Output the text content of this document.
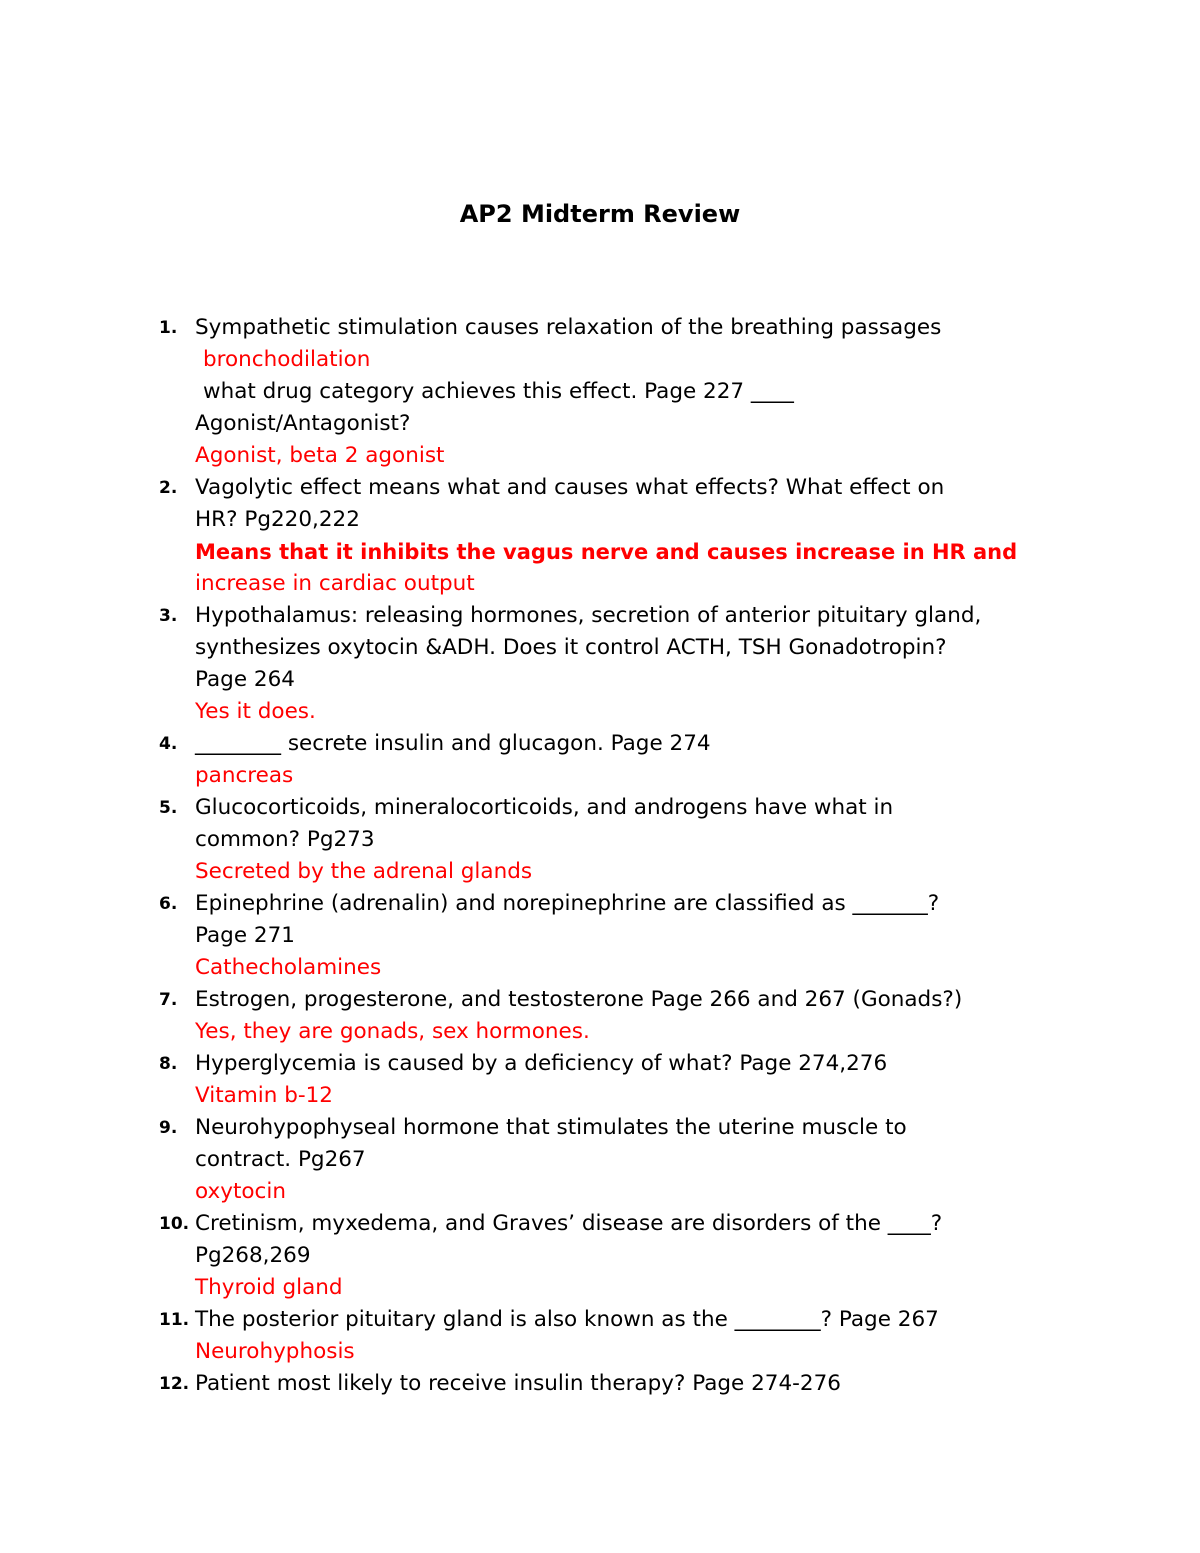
AP2 Midterm Review
1. Sympathetic stimulation causes relaxation of the breathing passages
bronchodilation
what drug category achieves this effect. Page 227 ____
Agonist/Antagonist?
Agonist, beta 2 agonist
2. Vagolytic effect means what and causes what effects? What effect on
HR? Pg220,222
Means that it inhibits the vagus nerve and causes increase in HR and
increase in cardiac output
3. Hypothalamus: releasing hormones, secretion of anterior pituitary gland,
synthesizes oxytocin &ADH. Does it control ACTH, TSH Gonadotropin?
Page 264
Yes it does.
4. ________ secrete insulin and glucagon. Page 274
pancreas
5. Glucocorticoids, mineralocorticoids, and androgens have what in
common? Pg273
Secreted by the adrenal glands
6. Epinephrine (adrenalin) and norepinephrine are classified as _______?
Page 271
Cathecholamines
7. Estrogen, progesterone, and testosterone Page 266 and 267 (Gonads?)
Yes, they are gonads, sex hormones.
8. Hyperglycemia is caused by a deficiency of what? Page 274,276
Vitamin b-12
9. Neurohypophyseal hormone that stimulates the uterine muscle to
contract. Pg267
oxytocin
10. Cretinism, myxedema, and Graves’ disease are disorders of the ____?
Pg268,269
Thyroid gland
11. The posterior pituitary gland is also known as the ________? Page 267
Neurohyphosis
12. Patient most likely to receive insulin therapy? Page 274-276
